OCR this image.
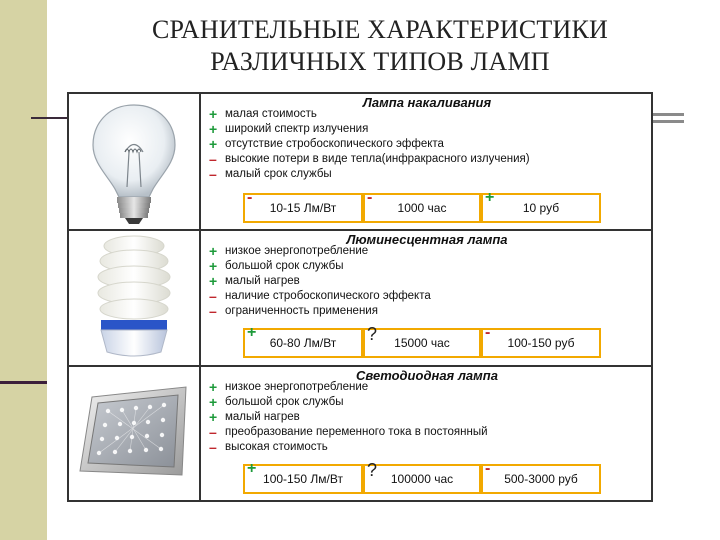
СРАНИТЕЛЬНЫЕ ХАРАКТЕРИСТИКИ
РАЗЛИЧНЫХ ТИПОВ ЛАМП
Лампа накаливания
+ малая стоимость
+ широкий спектр излучения
+ отсутствие стробоскопического эффекта
– высокие потери в виде тепла(инфракрасного излучения)
– малый срок службы
-
10-15 Лм/Вт
-
1000 час
+
10 руб
Люминесцентная лампа
+ низкое энергопотребление
+ большой срок службы
+ малый нагрев
– наличие стробоскопического эффекта
– ограниченность применения
+
60-80 Лм/Вт ? 15000 час
-
100-150 руб
Светодиодная лампа
+ низкое энергопотребление
+ большой срок службы
+ малый нагрев
– преобразование переменного тока в постоянный
– высокая стоимость
+
100-150 Лм/Вт ? 100000 час
-
500-3000 руб
